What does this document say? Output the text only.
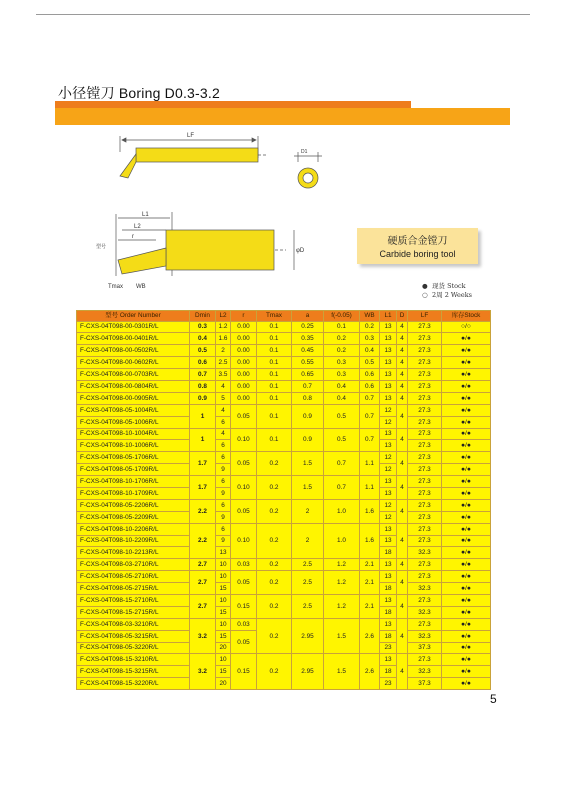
小径镗刀 Boring D0.3-3.2
LF
D1
L1
L2
r
φD
型号
Tmax WB
硬质合金镗刀
Carbide boring tool
● 现货 Stock
○ 2周 2 Weeks
型号 Order Number	Dmin	L2	r	Tmax	a	f(-0.05)	WB	L1	D	LF	库存Stock
F-CXS-04T098-00-0301R/L	0.3	1.2	0.00	0.1	0.25	0.1	0.2	13	4	27.3	○/○
F-CXS-04T098-00-0401R/L	0.4	1.6	0.00	0.1	0.35	0.2	0.3	13	4	27.3	●/●
F-CXS-04T098-00-0502R/L	0.5	2	0.00	0.1	0.45	0.2	0.4	13	4	27.3	●/●
F-CXS-04T098-00-0602R/L	0.6	2.5	0.00	0.1	0.55	0.3	0.5	13	4	27.3	●/●
F-CXS-04T098-00-0703R/L	0.7	3.5	0.00	0.1	0.65	0.3	0.6	13	4	27.3	●/●
F-CXS-04T098-00-0804R/L	0.8	4	0.00	0.1	0.7	0.4	0.6	13	4	27.3	●/●
F-CXS-04T098-00-0905R/L	0.9	5	0.00	0.1	0.8	0.4	0.7	13	4	27.3	●/●
F-CXS-04T098-05-1004R/L	1	4	0.05	0.1	0.9	0.5	0.7	12	4	27.3	●/●
F-CXS-04T098-05-1006R/L		6						12		27.3	●/●
F-CXS-04T098-10-1004R/L	1	4	0.10	0.1	0.9	0.5	0.7	13	4	27.3	●/●
F-CXS-04T098-10-1006R/L		6						13		27.3	●/●
F-CXS-04T098-05-1706R/L	1.7	6	0.05	0.2	1.5	0.7	1.1	12	4	27.3	●/●
F-CXS-04T098-05-1709R/L		9						12		27.3	●/●
F-CXS-04T098-10-1706R/L	1.7	6	0.10	0.2	1.5	0.7	1.1	13	4	27.3	●/●
F-CXS-04T098-10-1709R/L		9						13		27.3	●/●
F-CXS-04T098-05-2206R/L	2.2	6	0.05	0.2	2	1.0	1.6	12	4	27.3	●/●
F-CXS-04T098-05-2209R/L		9						12		27.3	●/●
F-CXS-04T098-10-2206R/L	2.2	6	0.10	0.2	2	1.0	1.6	13	4	27.3	●/●
F-CXS-04T098-10-2209R/L		9						13		27.3	●/●
F-CXS-04T098-10-2213R/L		13						18		32.3	●/●
F-CXS-04T098-03-2710R/L	2.7	10	0.03	0.2	2.5	1.2	2.1	13	4	27.3	●/●
F-CXS-04T098-05-2710R/L	2.7	10	0.05	0.2	2.5	1.2	2.1	13	4	27.3	●/●
F-CXS-04T098-05-2715R/L		15						18		32.3	●/●
F-CXS-04T098-15-2710R/L	2.7	10	0.15	0.2	2.5	1.2	2.1	13	4	27.3	●/●
F-CXS-04T098-15-2715R/L		15						18		32.3	●/●
F-CXS-04T098-03-3210R/L	3.2	10	0.03	0.2	2.95	1.5	2.6	13	4	27.3	●/●
F-CXS-04T098-05-3215R/L		15	0.05					18		32.3	●/●
F-CXS-04T098-05-3220R/L		20						23		37.3	●/●
F-CXS-04T098-15-3210R/L	3.2	10	0.15	0.2	2.95	1.5	2.6	13	4	27.3	●/●
F-CXS-04T098-15-3215R/L		15						18		32.3	●/●
F-CXS-04T098-15-3220R/L		20						23		37.3	●/●
5
